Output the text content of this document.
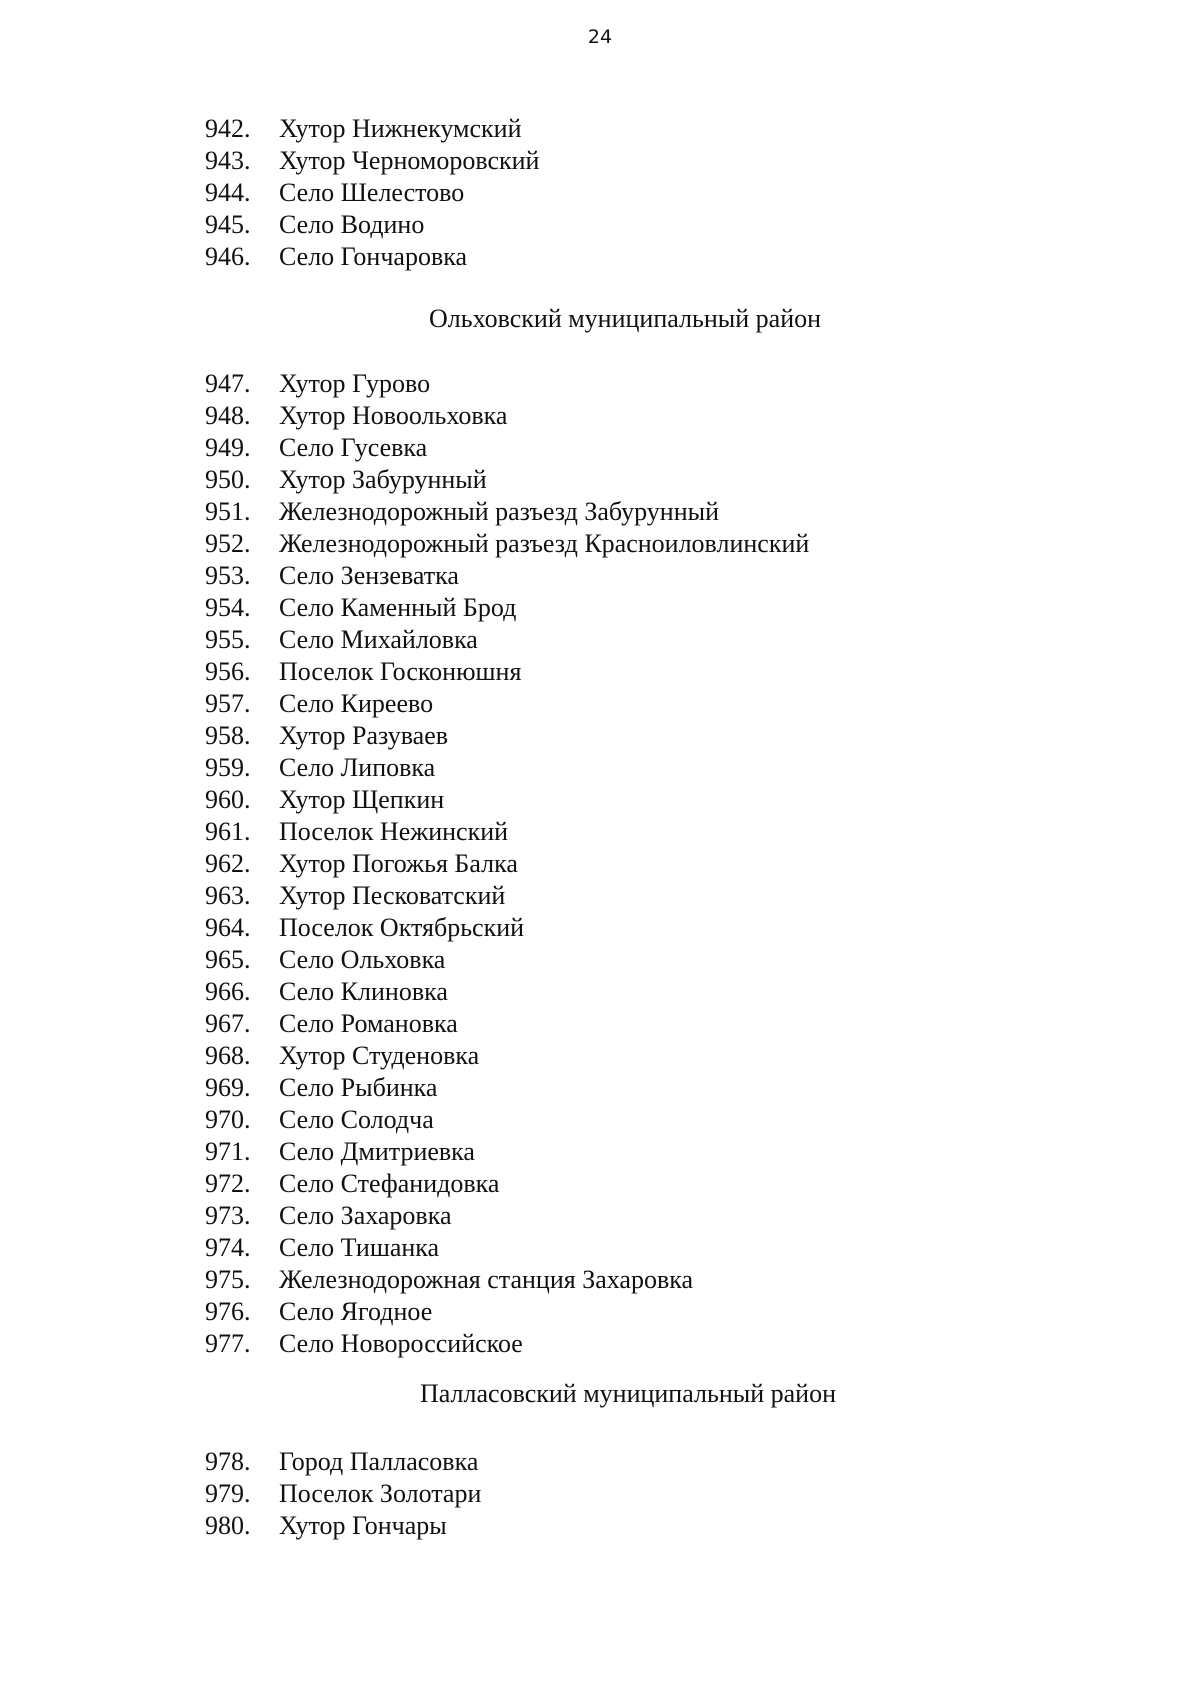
24
942.	Хутор Нижнекумский
943.	Хутор Черноморовский
944.	Село Шелестово
945.	Село Водино
946.	Село Гончаровка
Ольховский муниципальный район
947.	Хутор Гурово
948.	Хутор Новоольховка
949.	Село Гусевка
950.	Хутор Забурунный
951.	Железнодорожный разъезд Забурунный
952.	Железнодорожный разъезд Красноиловлинский
953.	Село Зензеватка
954.	Село Каменный Брод
955.	Село Михайловка
956.	Поселок Госконюшня
957.	Село Киреево
958.	Хутор Разуваев
959.	Село Липовка
960.	Хутор Щепкин
961.	Поселок Нежинский
962.	Хутор Погожья Балка
963.	Хутор Песковатский
964.	Поселок Октябрьский
965.	Село Ольховка
966.	Село Клиновка
967.	Село Романовка
968.	Хутор Студеновка
969.	Село Рыбинка
970.	Село Солодча
971.	Село Дмитриевка
972.	Село Стефанидовка
973.	Село Захаровка
974.	Село Тишанка
975.	Железнодорожная станция Захаровка
976.	Село Ягодное
977.	Село Новороссийское
Палласовский муниципальный район
978.	Город Палласовка
979.	Поселок Золотари
980.	Хутор Гончары
